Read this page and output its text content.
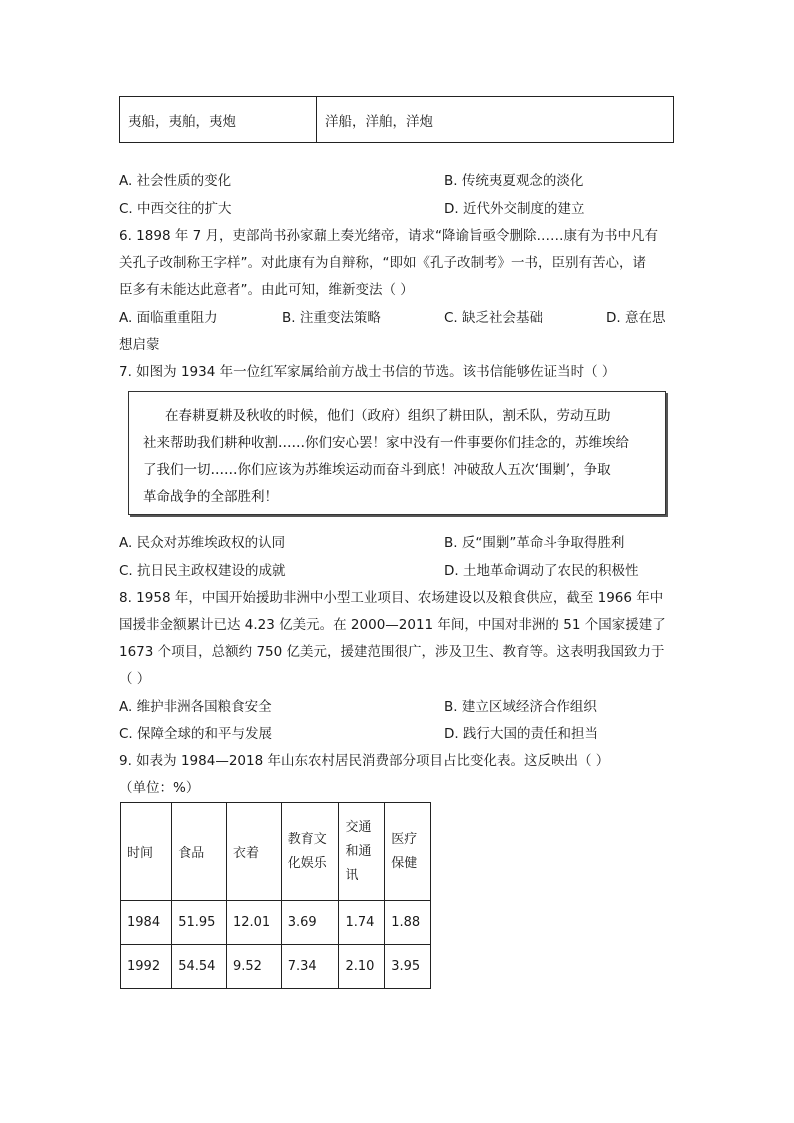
夷船，夷舶，夷炮	洋船，洋舶，洋炮
A. 社会性质的变化	B. 传统夷夏观念的淡化
C. 中西交往的扩大	D. 近代外交制度的建立
6. 1898 年 7 月，吏部尚书孙家鼐上奏光绪帝，请求“降谕旨亟令删除……康有为书中凡有
关孔子改制称王字样”。对此康有为自辩称，“即如《孔子改制考》一书，臣别有苦心，诸
臣多有未能达此意者”。由此可知，维新变法（ ）
A. 面临重重阻力	B. 注重变法策略	C. 缺乏社会基础	D. 意在思
想启蒙
7. 如图为 1934 年一位红军家属给前方战士书信的节选。该书信能够佐证当时（ ）
在春耕夏耕及秋收的时候，他们（政府）组织了耕田队，割禾队，劳动互助
社来帮助我们耕种收割……你们安心罢！家中没有一件事要你们挂念的，苏维埃给
了我们一切……你们应该为苏维埃运动而奋斗到底！冲破敌人五次‘围剿’，争取
革命战争的全部胜利！
A. 民众对苏维埃政权的认同	B. 反“围剿”革命斗争取得胜利
C. 抗日民主政权建设的成就	D. 土地革命调动了农民的积极性
8. 1958 年，中国开始援助非洲中小型工业项目、农场建设以及粮食供应，截至 1966 年中
国援非金额累计已达 4.23 亿美元。在 2000—2011 年间，中国对非洲的 51 个国家援建了
1673 个项目，总额约 750 亿美元，援建范围很广，涉及卫生、教育等。这表明我国致力于
（ ）
A. 维护非洲各国粮食安全	B. 建立区域经济合作组织
C. 保障全球的和平与发展	D. 践行大国的责任和担当
9. 如表为 1984—2018 年山东农村居民消费部分项目占比变化表。这反映出（ ）
（单位：%）
时间	食品	衣着	教育文化娱乐	交通和通讯	医疗保健
1984	51.95	12.01	3.69	1.74	1.88
1992	54.54	9.52	7.34	2.10	3.95
